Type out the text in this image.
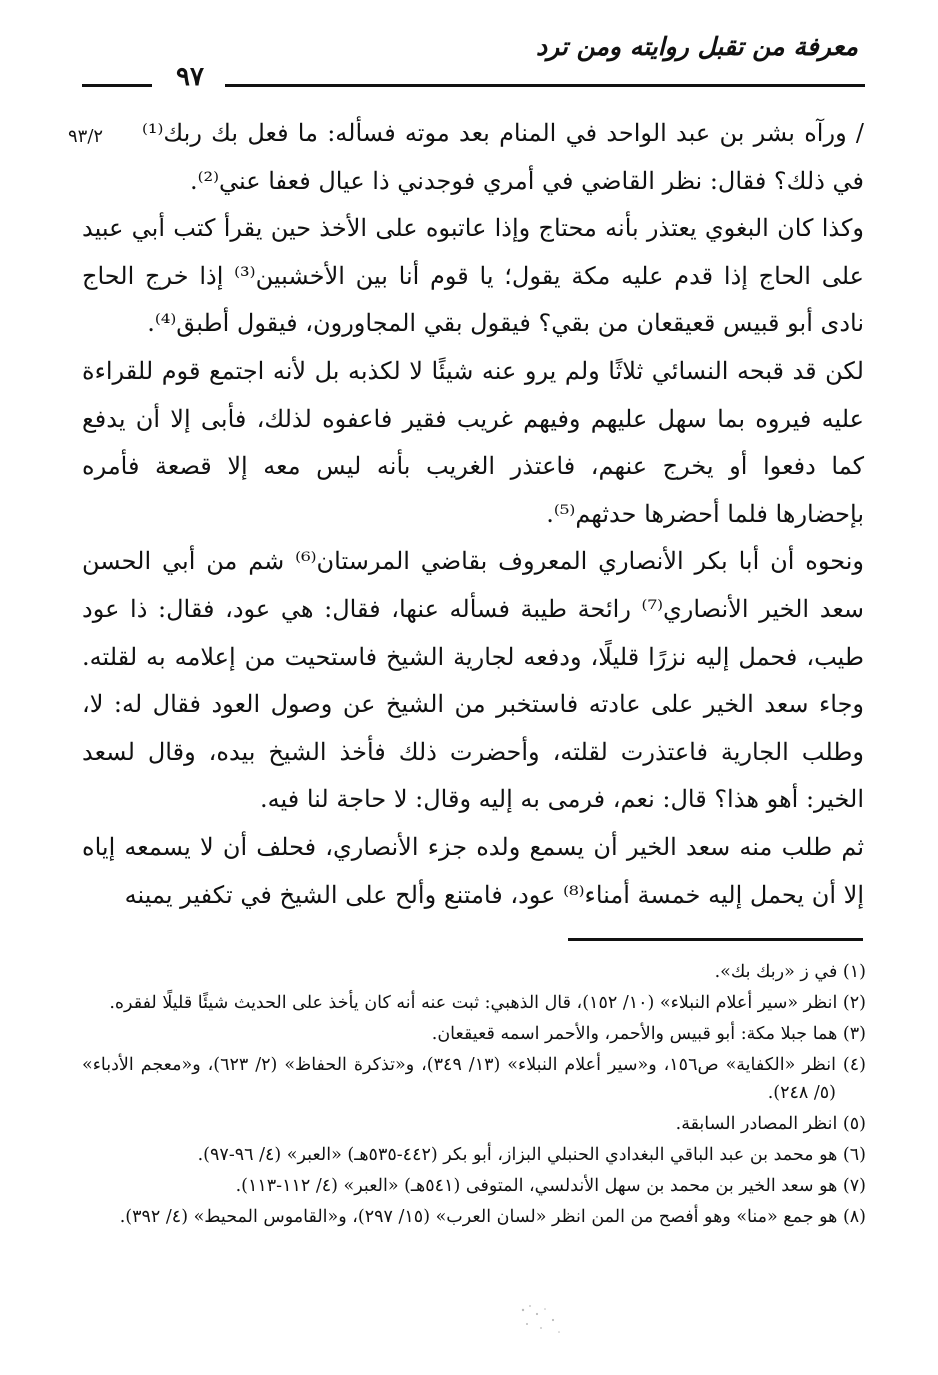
معرفة من تقبل روايته ومن ترد
٩٧
٩٣/٢	/ ورآه بشر بن عبد الواحد في المنام بعد موته فسأله: ما فعل بك ربك⁽¹⁾ في ذلك؟ فقال: نظر القاضي في أمري فوجدني ذا عيال فعفا عني⁽²⁾.

وكذا كان البغوي يعتذر بأنه محتاج وإذا عاتبوه على الأخذ حين يقرأ كتب أبي عبيد على الحاج إذا قدم عليه مكة يقول؛ يا قوم أنا بين الأخشبين⁽³⁾ إذا خرج الحاج نادى أبو قبيس قعيقعان من بقي؟ فيقول بقي المجاورون، فيقول أطبق⁽⁴⁾.

لكن قد قبحه النسائي ثلاثًا ولم يرو عنه شيئًا لا لكذبه بل لأنه اجتمع قوم للقراءة عليه فيروه بما سهل عليهم وفيهم غريب فقير فاعفوه لذلك، فأبى إلا أن يدفع كما دفعوا أو يخرج عنهم، فاعتذر الغريب بأنه ليس معه إلا قصعة فأمره بإحضارها فلما أحضرها حدثهم⁽⁵⁾.

ونحوه أن أبا بكر الأنصاري المعروف بقاضي المرستان⁽⁶⁾ شم من أبي الحسن سعد الخير الأنصاري⁽⁷⁾ رائحة طيبة فسأله عنها، فقال: هي عود، فقال: ذا عود طيب، فحمل إليه نزرًا قليلًا، ودفعه لجارية الشيخ فاستحيت من إعلامه به لقلته. وجاء سعد الخير على عادته فاستخبر من الشيخ عن وصول العود فقال له: لا، وطلب الجارية فاعتذرت لقلته، وأحضرت ذلك فأخذ الشيخ بيده، وقال لسعد الخير: أهو هذا؟ قال: نعم، فرمى به إليه وقال: لا حاجة لنا فيه.

ثم طلب منه سعد الخير أن يسمع ولده جزء الأنصاري، فحلف أن لا يسمعه إياه إلا أن يحمل إليه خمسة أمناء⁽⁸⁾ عود، فامتنع وألح على الشيخ في تكفير يمينه

(١) في ز «ربك بك».

(٢) انظر «سير أعلام النبلاء» (١٠/ ١٥٢)، قال الذهبي: ثبت عنه أنه كان يأخذ على الحديث شيئًا قليلًا لفقره.

(٣) هما جبلا مكة: أبو قبيس والأحمر، والأحمر اسمه قعيقعان.

(٤) انظر «الكفاية» ص١٥٦، و«سير أعلام النبلاء» (١٣/ ٣٤٩)، و«تذكرة الحفاظ» (٢/ ٦٢٣)، و«معجم الأدباء» (٥/ ٢٤٨).

(٥) انظر المصادر السابقة.

(٦) هو محمد بن عبد الباقي البغدادي الحنبلي البزاز، أبو بكر (٤٤٢-٥٣٥هـ) «العبر» (٤/ ٩٦-٩٧).

(٧) هو سعد الخير بن محمد بن سهل الأندلسي، المتوفى (٥٤١هـ) «العبر» (٤/ ١١٢-١١٣).

(٨) هو جمع «منا» وهو أفصح من المن انظر «لسان العرب» (١٥/ ٢٩٧)، و«القاموس المحيط» (٤/ ٣٩٢).
